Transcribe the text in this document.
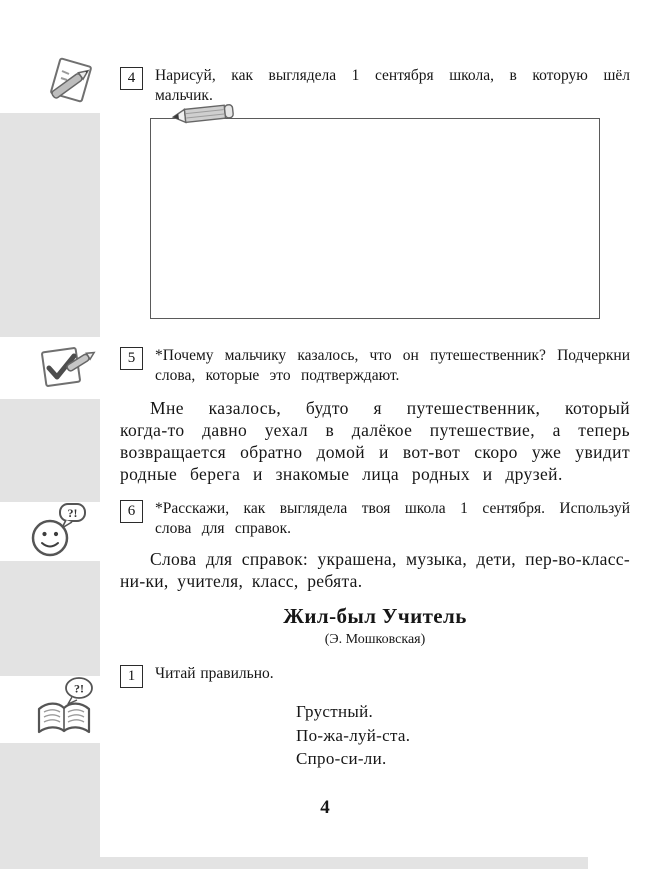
?!
?!
4	Нарисуй, как выглядела 1 сентября школа, в которую шёл мальчик.
5	*Почему мальчику казалось, что он путешественник? Подчеркни слова, которые это подтверждают.

Мне казалось, будто я путешественник, который когда-то давно уехал в далёкое путешествие, а теперь возвращается обратно домой и вот-вот скоро уже увидит родные берега и знакомые лица родных и друзей.

6	*Расскажи, как выглядела твоя школа 1 сентября. Используй слова для справок.

Слова для справок: украшена, музыка, дети, пер-во-класс-ни-ки, учителя, класс, ребята.

Жил-был Учитель
(Э. Мошковская)
1	Читай правильно.
Грустный.
По-жа-луй-ста.
Спро-си-ли.
4
